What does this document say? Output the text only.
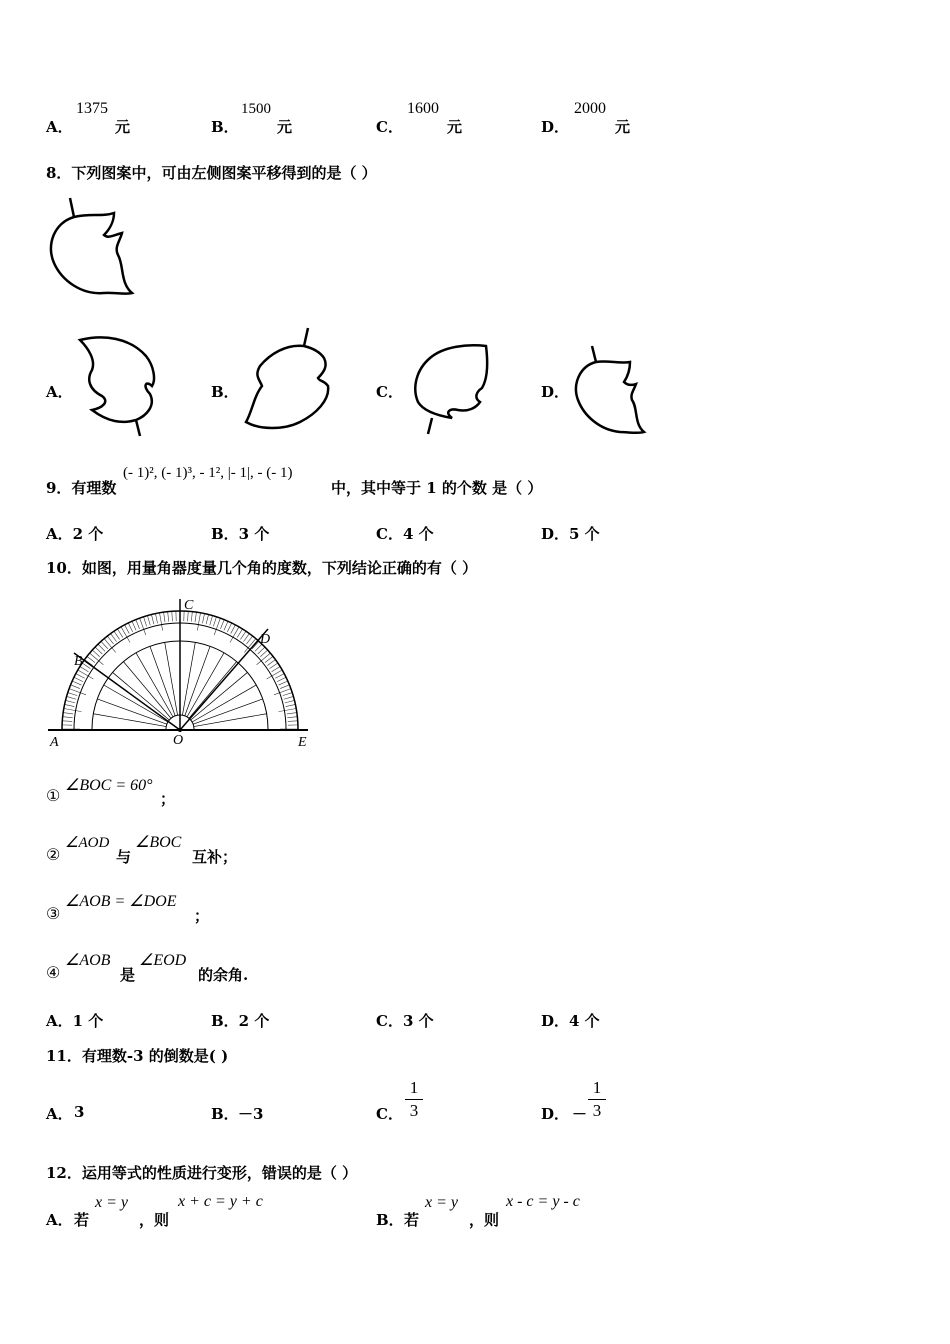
A．
1375
元	B．
1500
元	C．
1600
元	D．
2000
元
8．下列图案中，可由左侧图案平移得到的是（ ）
A．	B．	C．	D．
9．有理数
(- 1)², (- 1)³, - 1², |- 1|, - (- 1)
中，其中等于 1 的个数 是（ ）
A．2 个	B．3 个	C．4 个	D．5 个
10．如图，用量角器度量几个角的度数，下列结论正确的有（ ）
C
D
B
A	O	E
①
∠BOC = 60°
；
②
∠AOD
与
∠BOC
互补；
③
∠AOB = ∠DOE
；
④
∠AOB
是
∠EOD
的余角.
A．1 个	B．2 个	C．3 个	D．4 个
11．有理数-3 的倒数是( )
A． 3	B． －3	C．
1
3	D． －
1
3
12．运用等式的性质进行变形，错误的是（ ）
A． 若
x = y
，则
x + c = y + c
B． 若
x = y
，则
x - c = y - c
